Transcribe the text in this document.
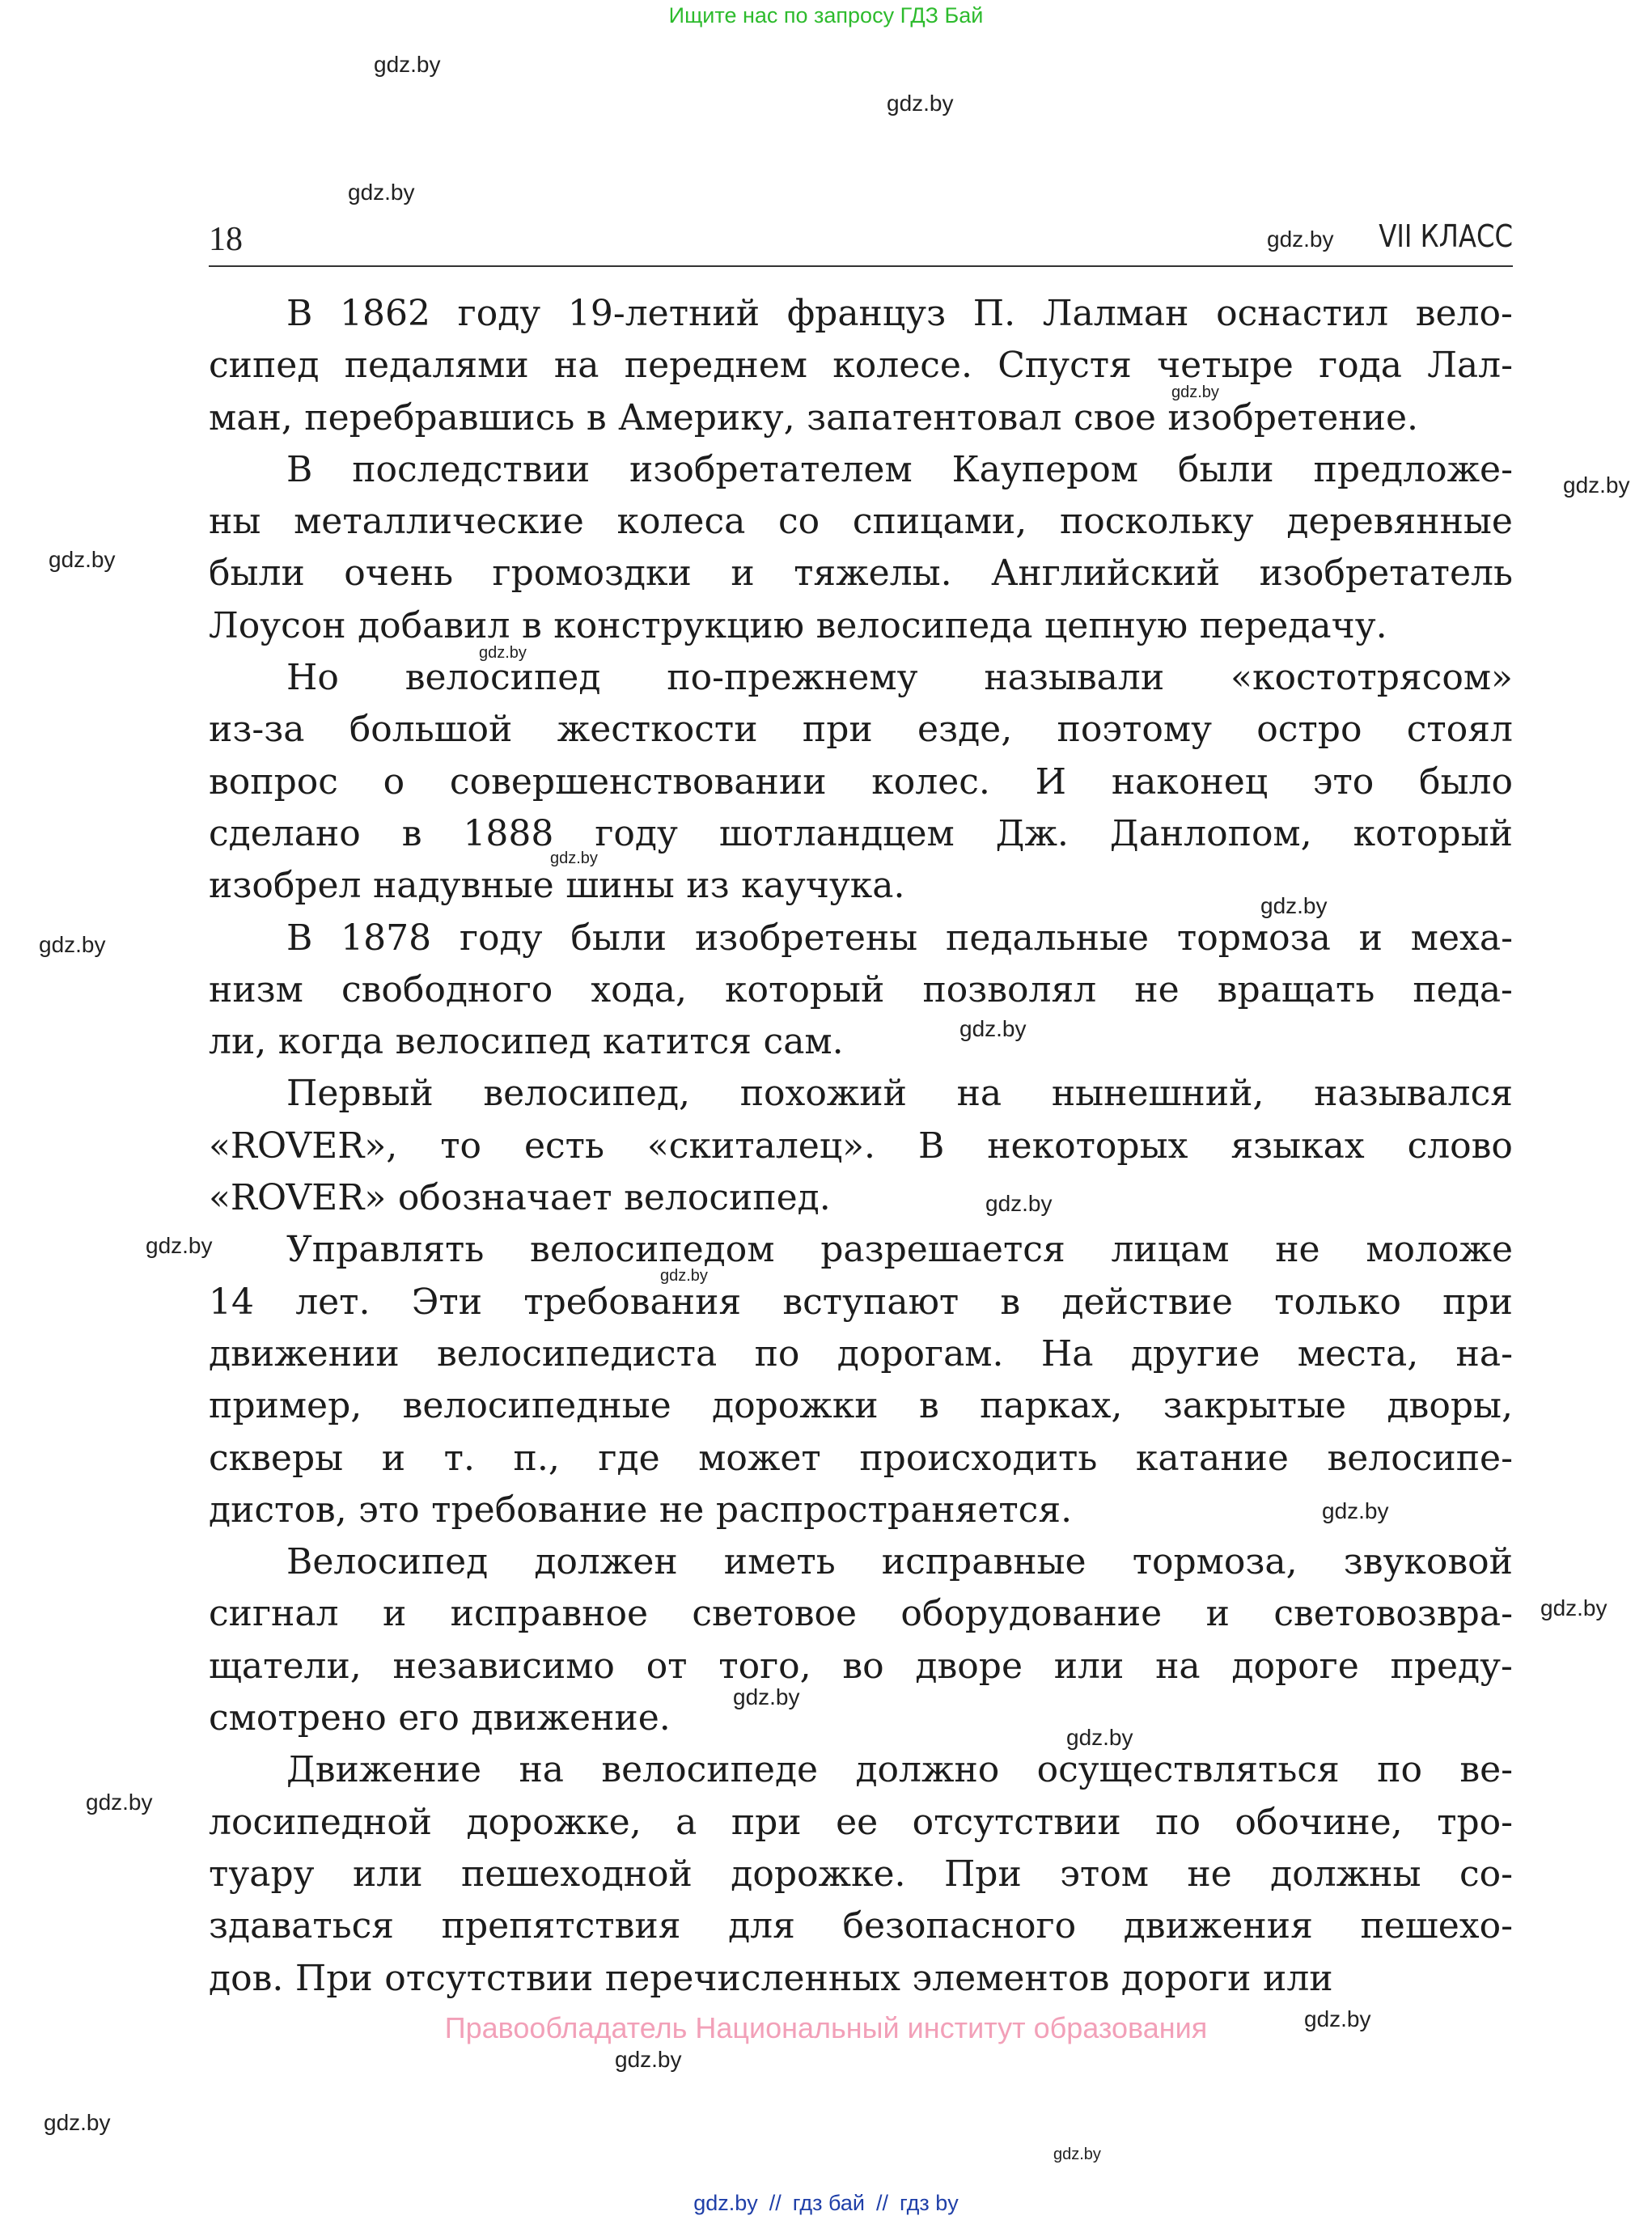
Ищите нас по запросу ГДЗ Бай
18	VII КЛАСС
В 1862 году 19-летний француз П. Лалман оснастил вело-
сипед педалями на переднем колесе. Спустя четыре года Лал-
ман, перебравшись в Америку, запатентовал свое изобретение.
В последствии изобретателем Каупером были предложе-
ны металлические колеса со спицами, поскольку деревянные
были очень громоздки и тяжелы. Английский изобретатель
Лоусон добавил в конструкцию велосипеда цепную передачу.
Но велосипед по-прежнему называли «костотрясом»
из-за большой жесткости при езде, поэтому остро стоял
вопрос о совершенствовании колес. И наконец это было
сделано в 1888 году шотландцем Дж. Данлопом, который
изобрел надувные шины из каучука.
В 1878 году были изобретены педальные тормоза и меха-
низм свободного хода, который позволял не вращать педа-
ли, когда велосипед катится сам.
Первый велосипед, похожий на нынешний, назывался
«ROVER», то есть «скиталец». В некоторых языках слово
«ROVER» обозначает велосипед.
Управлять велосипедом разрешается лицам не моложе
14 лет. Эти требования вступают в действие только при
движении велосипедиста по дорогам. На другие места, на-
пример, велосипедные дорожки в парках, закрытые дворы,
скверы и т. п., где может происходить катание велосипе-
дистов, это требование не распространяется.
Велосипед должен иметь исправные тормоза, звуковой
сигнал и исправное световое оборудование и световозвра-
щатели, независимо от того, во дворе или на дороге преду-
смотрено его движение.
Движение на велосипеде должно осуществляться по ве-
лосипедной дорожке, а при ее отсутствии по обочине, тро-
туару или пешеходной дорожке. При этом не должны со-
здаваться препятствия для безопасного движения пешехо-
дов. При отсутствии перечисленных элементов дороги или
Правообладатель Национальный институт образования
gdz.by // гдз бай // гдз by
gdz.by
gdz.by
gdz.by
gdz.by
gdz.by
gdz.by
gdz.by
gdz.by
gdz.by
gdz.by
gdz.by
gdz.by
gdz.by
gdz.by
gdz.by
gdz.by
gdz.by
gdz.by
gdz.by
gdz.by
gdz.by
gdz.by
gdz.by
gdz.by
